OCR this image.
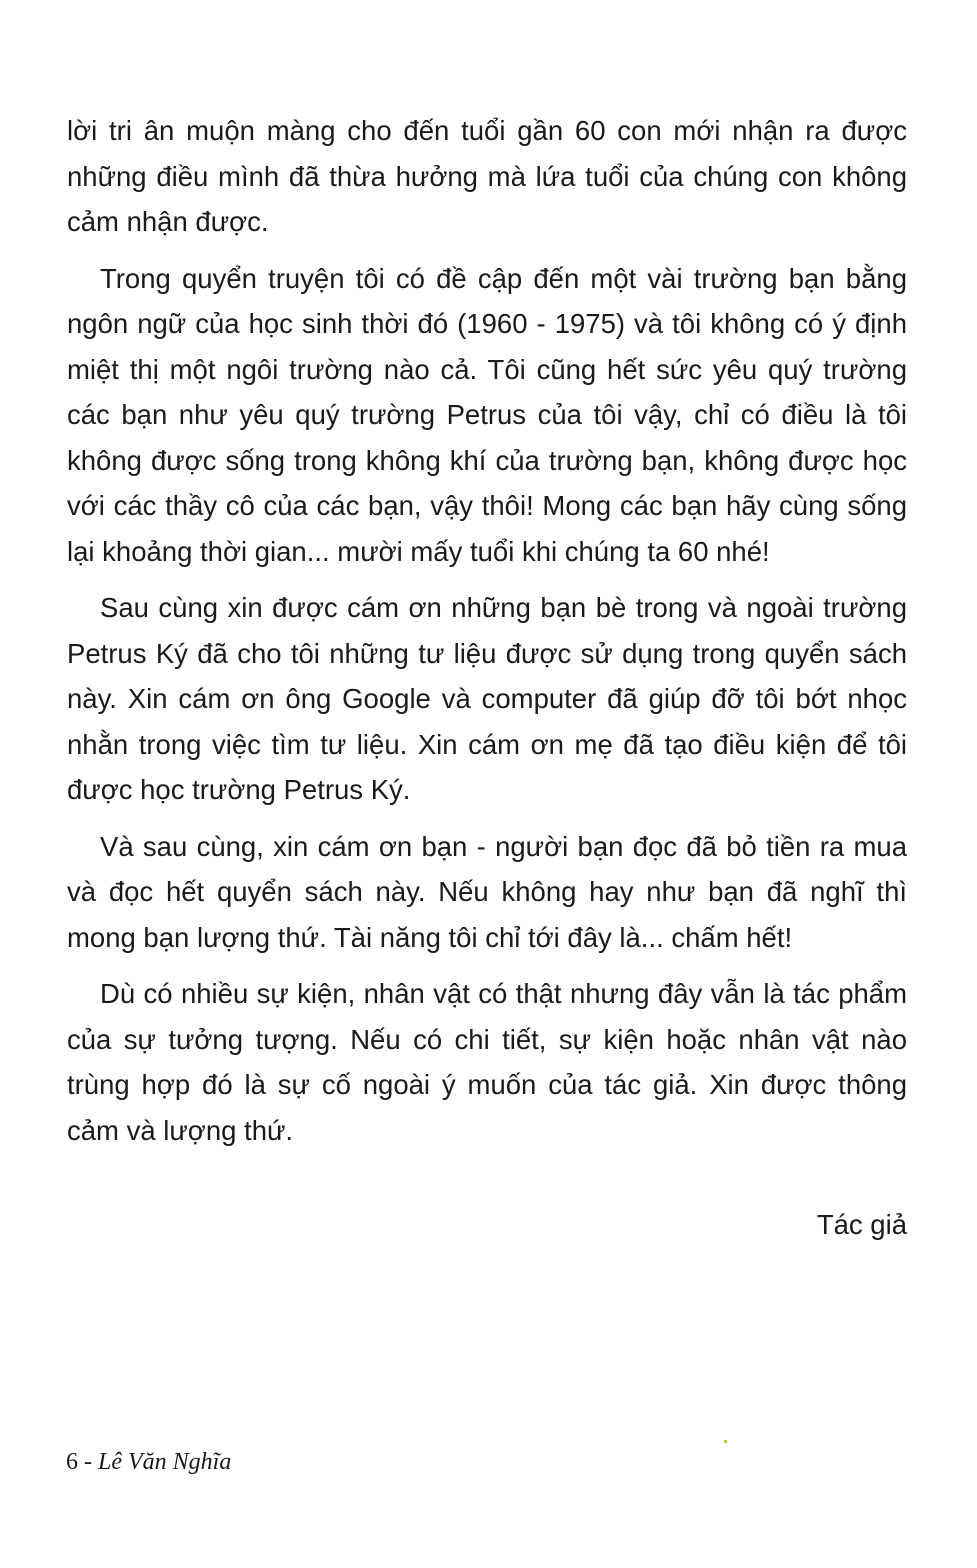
lời tri ân muộn màng cho đến tuổi gần 60 con mới nhận ra được những điều mình đã thừa hưởng mà lứa tuổi của chúng con không cảm nhận được.

Trong quyển truyện tôi có đề cập đến một vài trường bạn bằng ngôn ngữ của học sinh thời đó (1960 - 1975) và tôi không có ý định miệt thị một ngôi trường nào cả. Tôi cũng hết sức yêu quý trường các bạn như yêu quý trường Petrus của tôi vậy, chỉ có điều là tôi không được sống trong không khí của trường bạn, không được học với các thầy cô của các bạn, vậy thôi! Mong các bạn hãy cùng sống lại khoảng thời gian... mười mấy tuổi khi chúng ta 60 nhé!

Sau cùng xin được cám ơn những bạn bè trong và ngoài trường Petrus Ký đã cho tôi những tư liệu được sử dụng trong quyển sách này. Xin cám ơn ông Google và computer đã giúp đỡ tôi bớt nhọc nhằn trong việc tìm tư liệu. Xin cám ơn mẹ đã tạo điều kiện để tôi được học trường Petrus Ký.

Và sau cùng, xin cám ơn bạn - người bạn đọc đã bỏ tiền ra mua và đọc hết quyển sách này. Nếu không hay như bạn đã nghĩ thì mong bạn lượng thứ. Tài năng tôi chỉ tới đây là... chấm hết!

Dù có nhiều sự kiện, nhân vật có thật nhưng đây vẫn là tác phẩm của sự tưởng tượng. Nếu có chi tiết, sự kiện hoặc nhân vật nào trùng hợp đó là sự cố ngoài ý muốn của tác giả. Xin được thông cảm và lượng thứ.

Tác giả
6 - Lê Văn Nghĩa
